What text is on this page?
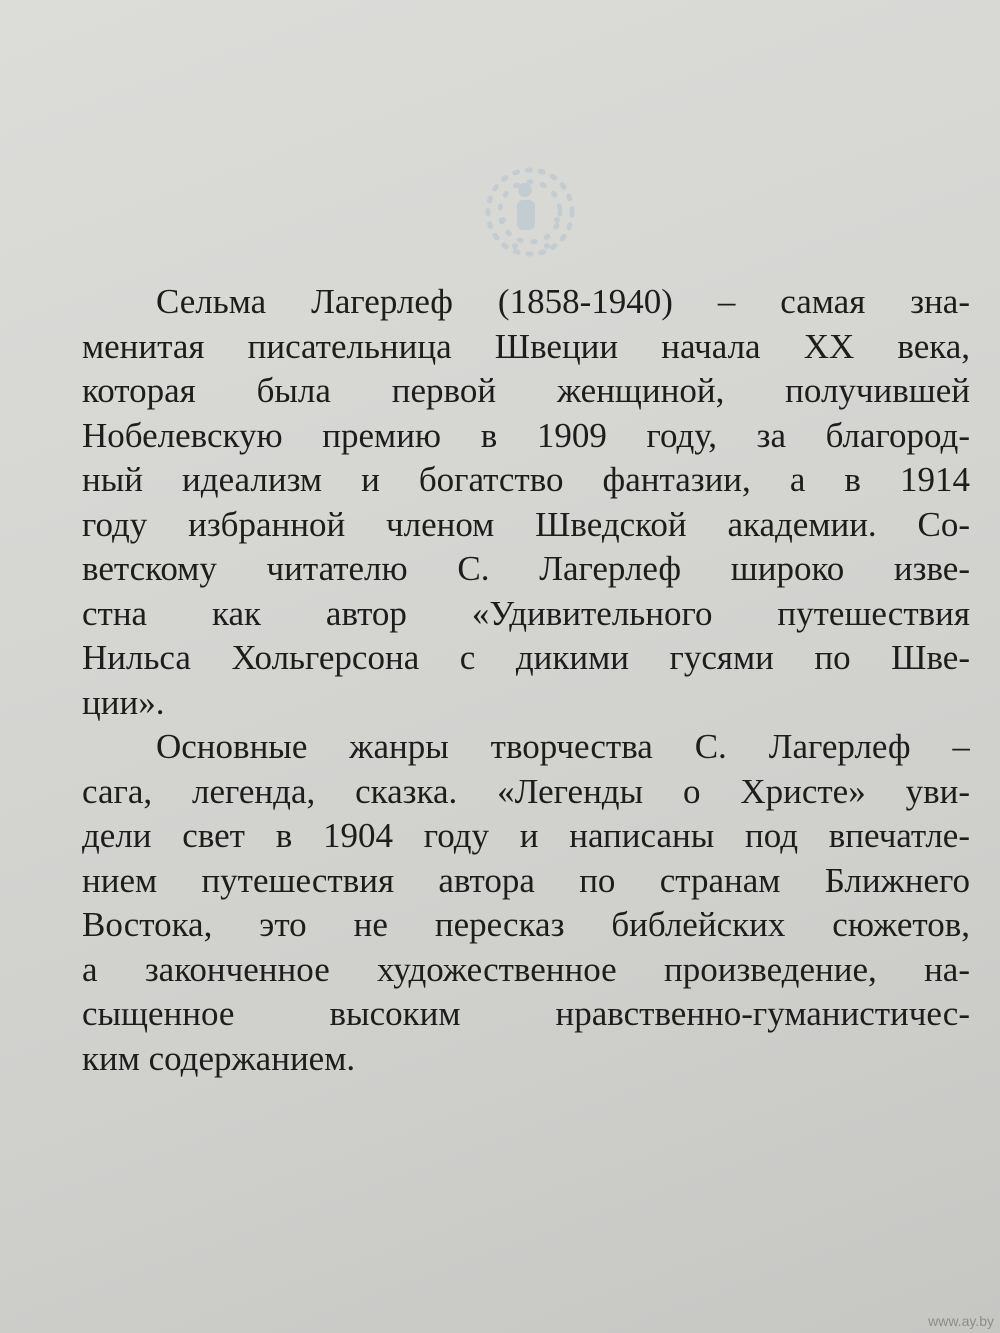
Сельма Лагерлеф (1858-1940) – самая зна-
менитая писательница Швеции начала XX века,
которая была первой женщиной, получившей
Нобелевскую премию в 1909 году, за благород-
ный идеализм и богатство фантазии, а в 1914
году избранной членом Шведской академии. Со-
ветскому читателю С. Лагерлеф широко изве-
стна как автор «Удивительного путешествия
Нильса Хольгерсона с дикими гусями по Шве-
ции».
Основные жанры творчества С. Лагерлеф –
сага, легенда, сказка. «Легенды о Христе» уви-
дели свет в 1904 году и написаны под впечатле-
нием путешествия автора по странам Ближнего
Востока, это не пересказ библейских сюжетов,
а законченное художественное произведение, на-
сыщенное высоким нравственно-гуманистичес-
ким содержанием.
www.ay.by
